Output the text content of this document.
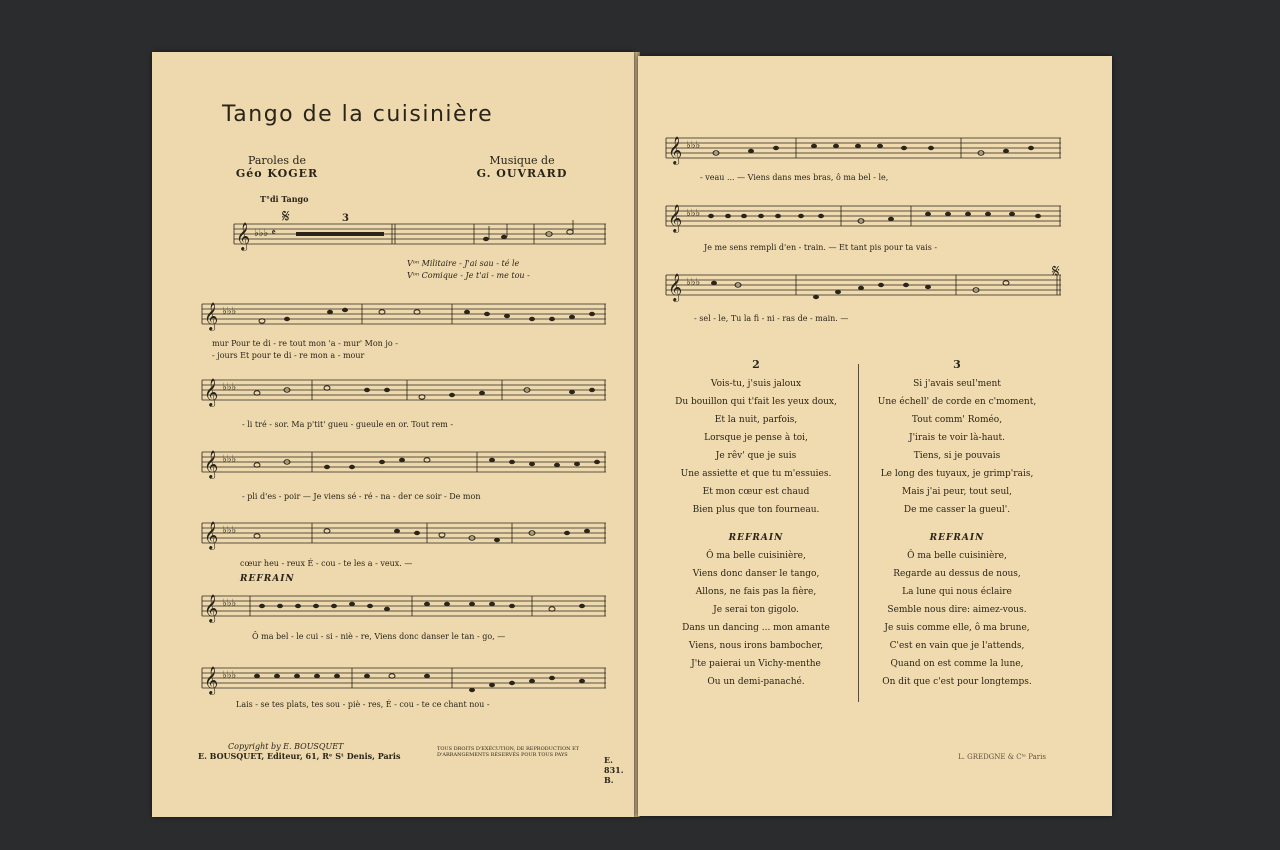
Tango de la cuisinière
Paroles de
Géo KOGER
Musique de
G. OUVRARD
T°di Tango
𝄋	3
𝄞 ♭♭♭ 𝄵
Vᵒⁿ Militaire - J'ai sau - té le
Vᵒⁿ Comique - Je t'ai - me tou -
𝄞 ♭♭♭
mur Pour te di - re tout mon 'a - mur' Mon jo -
- jours Et pour te di - re mon a - mour
𝄞 ♭♭♭
- li tré - sor. Ma p'tit' gueu - gueule en or. Tout rem -
𝄞 ♭♭♭
- pli d'es - poir — Je viens sé - ré - na - der ce soir - De mon
𝄞 ♭♭♭
cœur heu - reux É - cou - te les a - veux. —
REFRAIN
𝄞 ♭♭♭
Ô ma bel - le cui - si - niè - re, Viens donc danser le tan - go, —
𝄞 ♭♭♭
Lais - se tes plats, tes sou - piè - res, É - cou - te ce chant nou -
Copyright by E. BOUSQUET
E. BOUSQUET, Editeur, 61, Rᵉ Sᵗ Denis, Paris
TOUS DROITS D'EXÉCUTION, DE REPRODUCTION ET
D'ARRANGEMENTS RÉSERVÉS POUR TOUS PAYS	E. 831. B.
𝄞 ♭♭♭
- veau ... — Viens dans mes bras, ô ma bel - le,
𝄞 ♭♭♭
Je me sens rempli d'en - train. — Et tant pis pour ta vais -
𝄞 ♭♭♭
𝄋
- sel - le, Tu la fi - ni - ras de - main. —
2
Vois-tu, j'suis jaloux
Du bouillon qui t'fait les yeux doux,
Et la nuit, parfois,
Lorsque je pense à toi,
Je rêv' que je suis
Une assiette et que tu m'essuies.
Et mon cœur est chaud
Bien plus que ton fourneau.
REFRAIN
Ô ma belle cuisinière,
Viens donc danser le tango,
Allons, ne fais pas la fière,
Je serai ton gigolo.
Dans un dancing ... mon amante
Viens, nous irons bambocher,
J'te paierai un Vichy-menthe
Ou un demi-panaché.
3
Si j'avais seul'ment
Une échell' de corde en c'moment,
Tout comm' Roméo,
J'irais te voir là-haut.
Tiens, si je pouvais
Le long des tuyaux, je grimp'rais,
Mais j'ai peur, tout seul,
De me casser la gueul'.
REFRAIN
Ô ma belle cuisinière,
Regarde au dessus de nous,
La lune qui nous éclaire
Semble nous dire: aimez-vous.
Je suis comme elle, ô ma brune,
C'est en vain que je l'attends,
Quand on est comme la lune,
On dit que c'est pour longtemps.
L. GREDGNE & Cᵗᵉ Paris
